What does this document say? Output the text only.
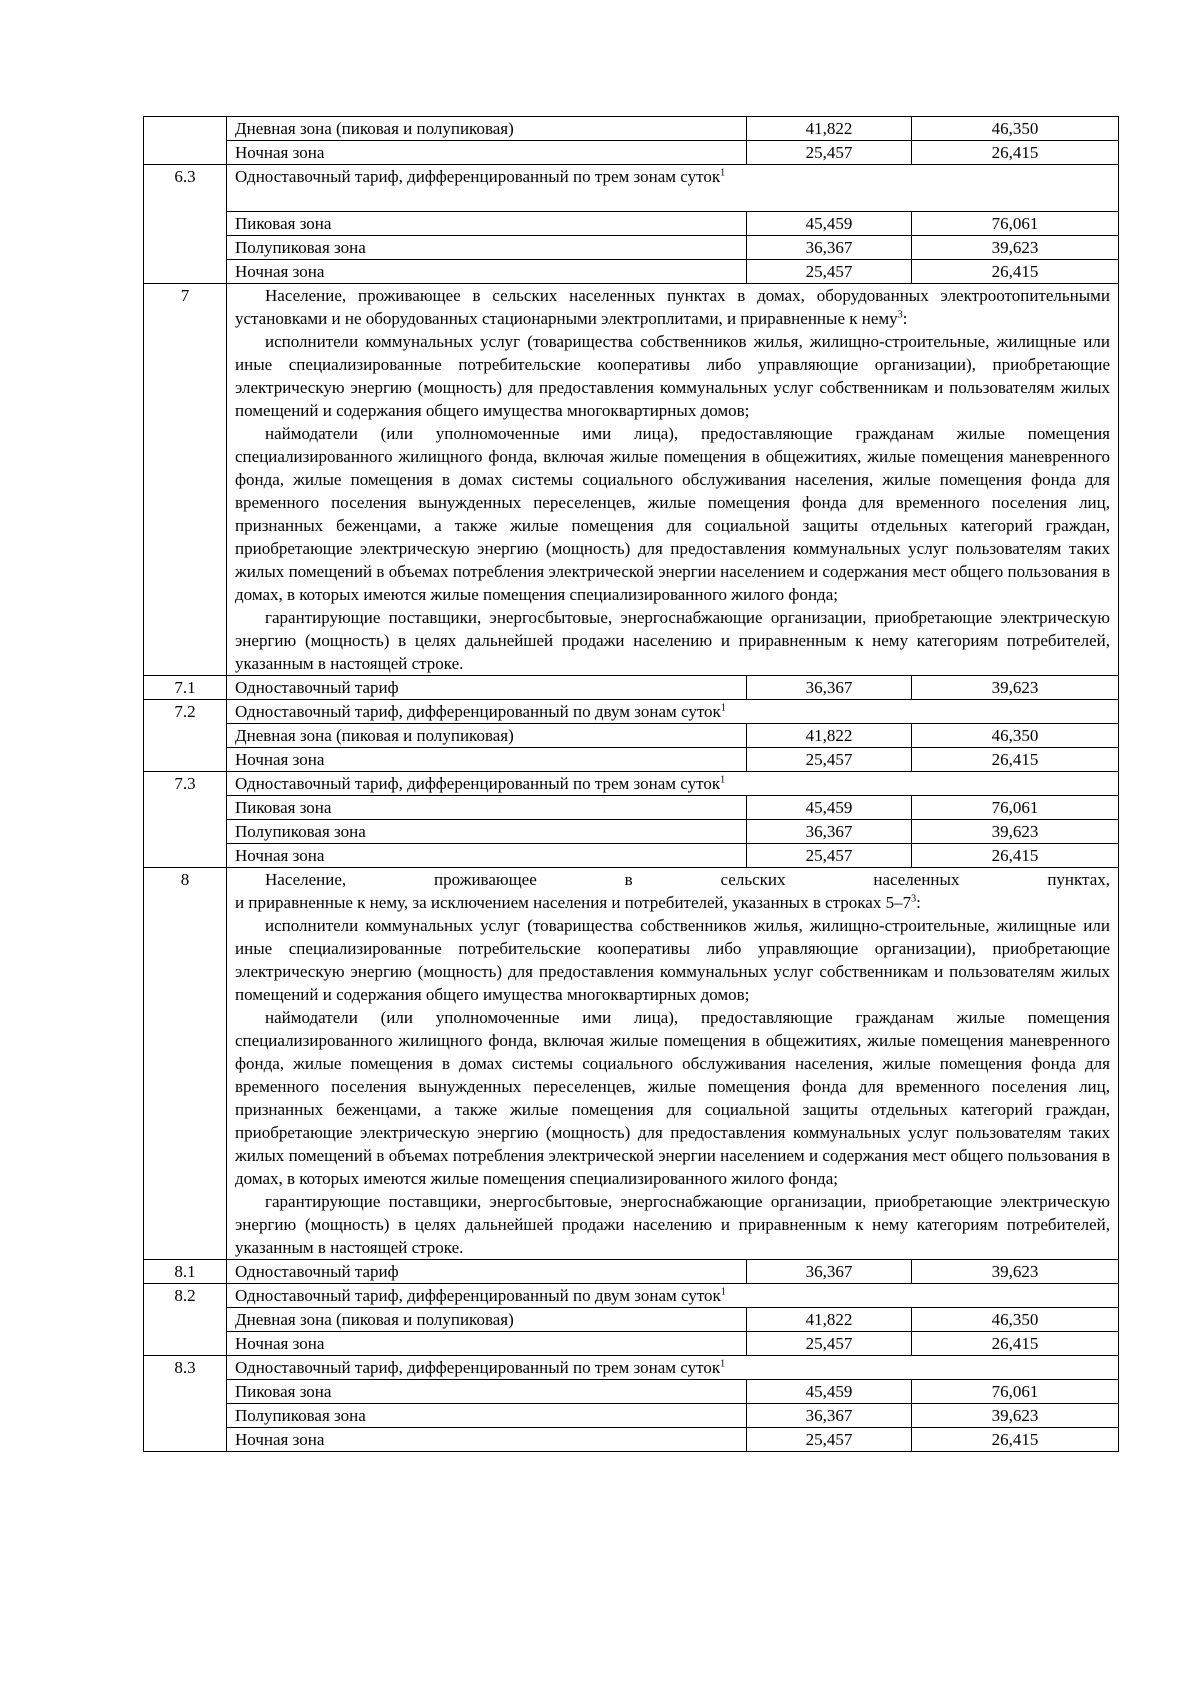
	Дневная зона (пиковая и полупиковая)	41,822	46,350
	Ночная зона	25,457	26,415
6.3	Одноставочный тариф, дифференцированный по трем зонам суток$^1$
	Пиковая зона	45,459	76,061
	Полупиковая зона	36,367	39,623
	Ночная зона	25,457	26,415
7	Население, проживающее в сельских населенных пунктах в домах, оборудованных электроотопительными установками и не оборудованных стационарными электроплитами, и приравненные к нему$^3$:

исполнители коммунальных услуг (товарищества собственников жилья, жилищно-строительные, жилищные или иные специализированные потребительские кооперативы либо управляющие организации), приобретающие электрическую энергию (мощность) для предоставления коммунальных услуг собственникам и пользователям жилых помещений и содержания общего имущества многоквартирных домов;

наймодатели (или уполномоченные ими лица), предоставляющие гражданам жилые помещения специализированного жилищного фонда, включая жилые помещения в общежитиях, жилые помещения маневренного фонда, жилые помещения в домах системы социального обслуживания населения, жилые помещения фонда для временного поселения вынужденных переселенцев, жилые помещения фонда для временного поселения лиц, признанных беженцами, а также жилые помещения для социальной защиты отдельных категорий граждан, приобретающие электрическую энергию (мощность) для предоставления коммунальных услуг пользователям таких жилых помещений в объемах потребления электрической энергии населением и содержания мест общего пользования в домах, в которых имеются жилые помещения специализированного жилого фонда;

гарантирующие поставщики, энергосбытовые, энергоснабжающие организации, приобретающие электрическую энергию (мощность) в целях дальнейшей продажи населению и приравненным к нему категориям потребителей, указанным в настоящей строке.		

7.1	Одноставочный тариф	36,367	39,623
7.2	Одноставочный тариф, дифференцированный по двум зонам суток$^1$
	Дневная зона (пиковая и полупиковая)	41,822	46,350
	Ночная зона	25,457	26,415
7.3	Одноставочный тариф, дифференцированный по трем зонам суток$^1$
	Пиковая зона	45,459	76,061
	Полупиковая зона	36,367	39,623
	Ночная зона	25,457	26,415
8	Население, проживающее в сельских населенных пунктах,

и приравненные к нему, за исключением населения и потребителей, указанных в строках $5-7^3$:

исполнители коммунальных услуг (товарищества собственников жилья, жилищно-строительные, жилищные или иные специализированные потребительские кооперативы либо управляющие организации), приобретающие электрическую энергию (мощность) для предоставления коммунальных услуг собственникам и пользователям жилых помещений и содержания общего имущества многоквартирных домов;

наймодатели (или уполномоченные ими лица), предоставляющие гражданам жилые помещения специализированного жилищного фонда, включая жилые помещения в общежитиях, жилые помещения маневренного фонда, жилые помещения в домах системы социального обслуживания населения, жилые помещения фонда для временного поселения вынужденных переселенцев, жилые помещения фонда для временного поселения лиц, признанных беженцами, а также жилые помещения для социальной защиты отдельных категорий граждан, приобретающие электрическую энергию (мощность) для предоставления коммунальных услуг пользователям таких жилых помещений в объемах потребления электрической энергии населением и содержания мест общего пользования в домах, в которых имеются жилые помещения специализированного жилого фонда;

гарантирующие поставщики, энергосбытовые, энергоснабжающие организации, приобретающие электрическую энергию (мощность) в целях дальнейшей продажи населению и приравненным к нему категориям потребителей, указанным в настоящей строке.		

8.1	Одноставочный тариф	36,367	39,623
8.2	Одноставочный тариф, дифференцированный по двум зонам суток$^1$
	Дневная зона (пиковая и полупиковая)	41,822	46,350
	Ночная зона	25,457	26,415
8.3	Одноставочный тариф, дифференцированный по трем зонам суток$^1$
	Пиковая зона	45,459	76,061
	Полупиковая зона	36,367	39,623
	Ночная зона	25,457	26,415
